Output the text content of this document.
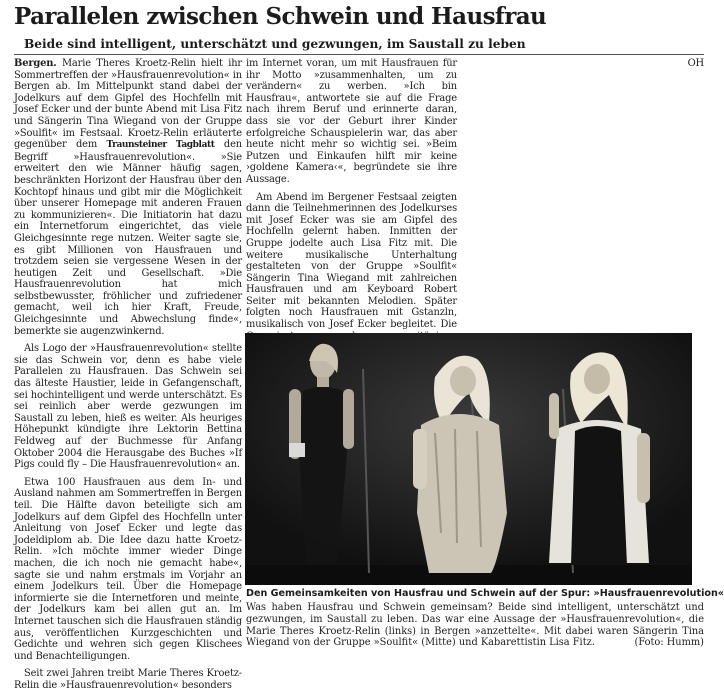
Parallelen zwischen Schwein und Hausfrau
Beide sind intelligent, unterschätzt und gezwungen, im Saustall zu leben

Bergen. Marie Theres Kroetz-Relin hielt ihr Sommertreffen der »Hausfrauenrevolution« in Bergen ab. Im Mittelpunkt stand dabei der Jodelkurs auf dem Gipfel des Hochfelln mit Josef Ecker und der bunte Abend mit Lisa Fitz und Sängerin Tina Wiegand von der Gruppe »Soulfit« im Festsaal. Kroetz-Relin erläuterte gegenüber dem Traunsteiner Tagblatt den Begriff »Hausfrauenrevolution«. »Sie erweitert den wie Männer häufig sagen, beschränkten Horizont der Hausfrau über den Kochtopf hinaus und gibt mir die Möglichkeit über unserer Homepage mit anderen Frauen zu kommunizieren«. Die Initiatorin hat dazu ein Internetforum eingerichtet, das viele Gleichgesinnte rege nutzen. Weiter sagte sie, es gibt Millionen von Hausfrauen und trotzdem seien sie vergessene Wesen in der heutigen Zeit und Gesellschaft. »Die Hausfrauenrevolution hat mich selbstbewusster, fröhlicher und zufriedener gemacht, weil ich hier Kraft, Freude, Gleichgesinnte und Abwechslung finde«, bemerkte sie augenzwinkernd.

Als Logo der »Hausfrauenrevolution« stellte sie das Schwein vor, denn es habe viele Parallelen zu Hausfrauen. Das Schwein sei das älteste Haustier, leide in Gefangenschaft, sei hochintelligent und werde unterschätzt. Es sei reinlich aber werde gezwungen im Saustall zu leben, hieß es weiter. Als heuriges Höhepunkt kündigte ihre Lektorin Bettina Feldweg auf der Buchmesse für Anfang Oktober 2004 die Herausgabe des Buches »If Pigs could fly – Die Hausfrauenrevolution« an.

Etwa 100 Hausfrauen aus dem In- und Ausland nahmen am Sommertreffen in Bergen teil. Die Hälfte davon beteiligte sich am Jodelkurs auf dem Gipfel des Hochfelln unter Anleitung von Josef Ecker und legte das Jodeldiplom ab. Die Idee dazu hatte Kroetz-Relin. »Ich möchte immer wieder Dinge machen, die ich noch nie gemacht habe«, sagte sie und nahm erstmals im Vorjahr an einem Jodelkurs teil. Über die Homepage informierte sie die Internetforen und meinte, der Jodelkurs kam bei allen gut an. Im Internet tauschen sich die Hausfrauen ständig aus, veröffentlichen Kurzgeschichten und Gedichte und wehren sich gegen Klischees und Benachteiligungen.

Seit zwei Jahren treibt Marie Theres Kroetz-Relin die »Hausfrauenrevolution« besonders

im Internet voran, um mit Hausfrauen für ihr Motto »zusammenhalten, um zu verändern« zu werben. »Ich bin Hausfrau«, antwortete sie auf die Frage nach ihrem Beruf und erinnerte daran, dass sie vor der Geburt ihrer Kinder erfolgreiche Schauspielerin war, das aber heute nicht mehr so wichtig sei. »Beim Putzen und Einkaufen hilft mir keine ›goldene Kamera‹«, begründete sie ihre Aussage.

Am Abend im Bergener Festsaal zeigten dann die Teilnehmerinnen des Jodelkurses mit Josef Ecker was sie am Gipfel des Hochfelln gelernt haben. Inmitten der Gruppe jodelte auch Lisa Fitz mit. Die weitere musikalische Unterhaltung gestalteten von der Gruppe »Soulfit« Sängerin Tina Wiegand mit zahlreichen Hausfrauen und am Keyboard Robert Seiter mit bekannten Melodien. Später folgten noch Hausfrauen mit Gstanzln, musikalisch von Josef Ecker begleitet. Die

OH
Den Gemeinsamkeiten von Hausfrau und Schwein auf der Spur: »Hausfrauenrevolution«
Was haben Hausfrau und Schwein gemeinsam? Beide sind intelligent, unterschätzt und gezwungen, im Saustall zu leben. Das war eine Aussage der »Hausfrauenrevolution«, die Marie Theres Kroetz-Relin (links) in Bergen »anzettelte«. Mit dabei waren Sängerin Tina Wiegand von der Gruppe »Soulfit« (Mitte) und Kabarettistin Lisa Fitz.	(Foto: Humm)
